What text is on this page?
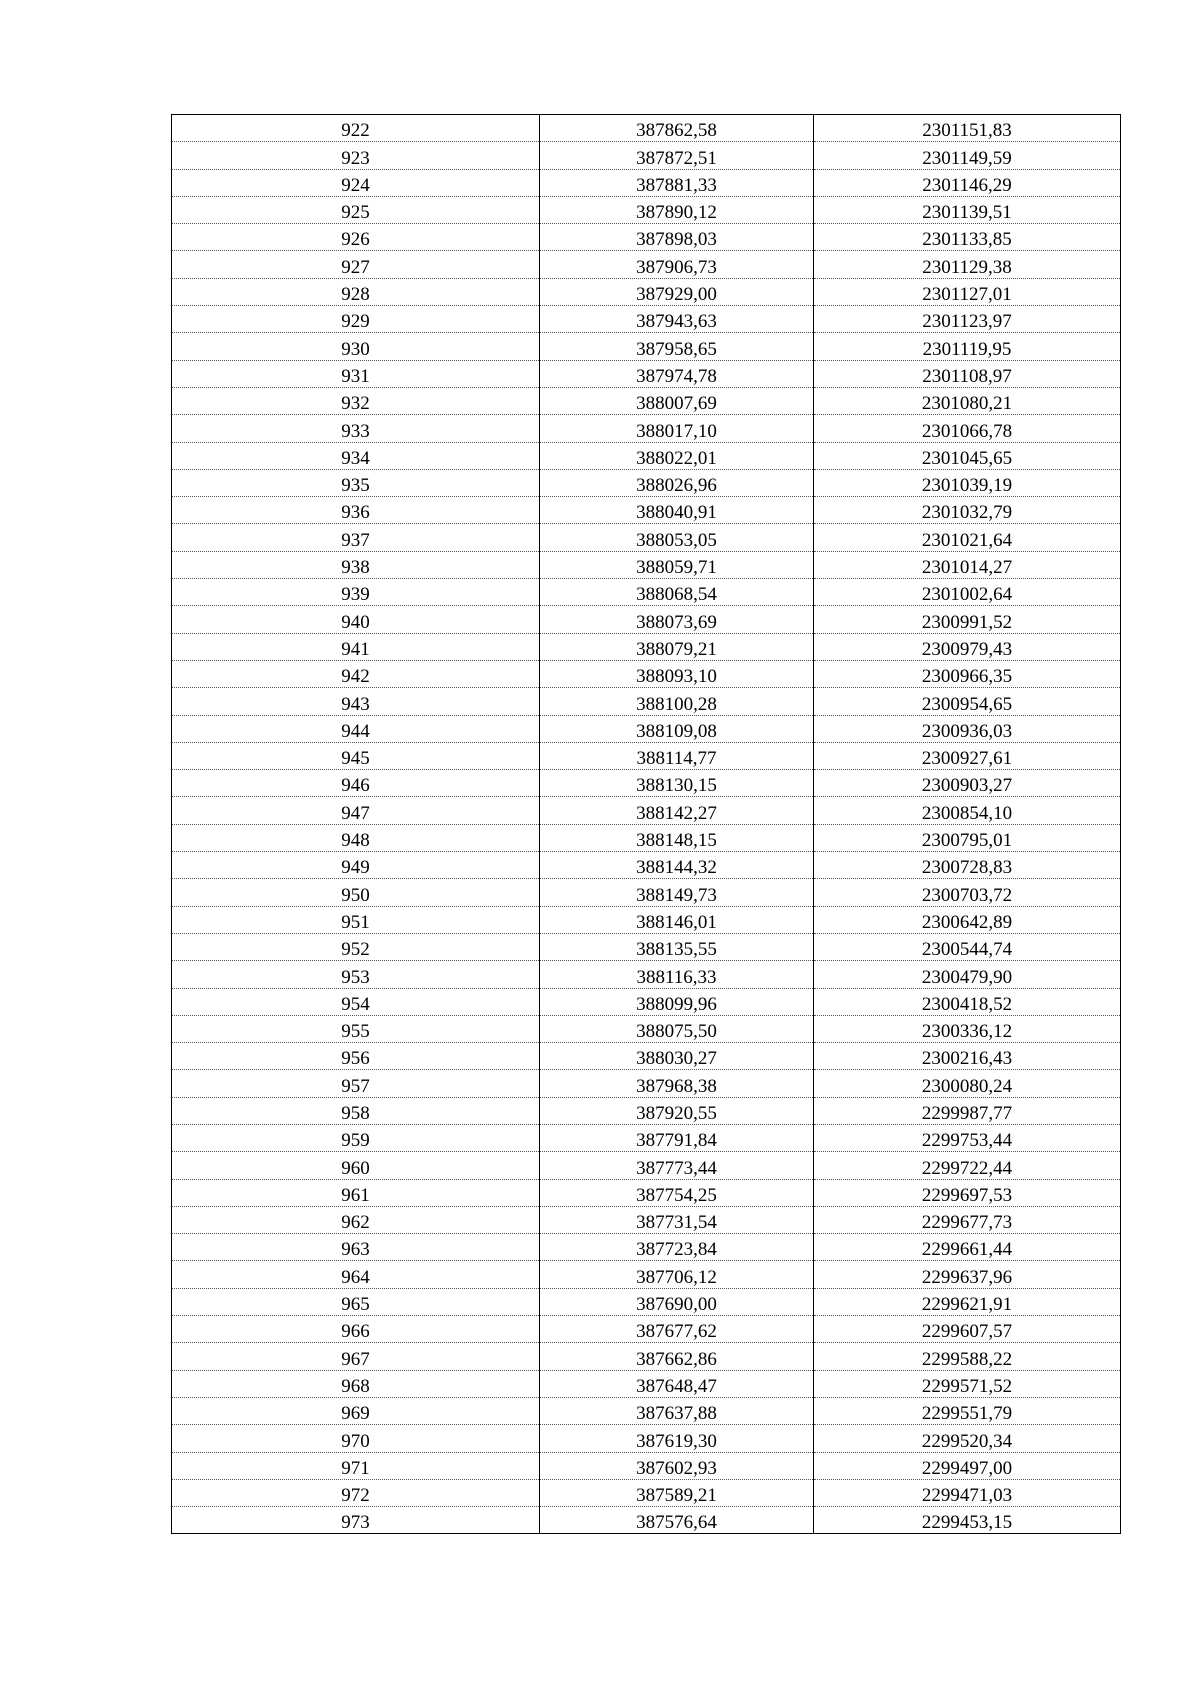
922	387862,58	2301151,83
923	387872,51	2301149,59
924	387881,33	2301146,29
925	387890,12	2301139,51
926	387898,03	2301133,85
927	387906,73	2301129,38
928	387929,00	2301127,01
929	387943,63	2301123,97
930	387958,65	2301119,95
931	387974,78	2301108,97
932	388007,69	2301080,21
933	388017,10	2301066,78
934	388022,01	2301045,65
935	388026,96	2301039,19
936	388040,91	2301032,79
937	388053,05	2301021,64
938	388059,71	2301014,27
939	388068,54	2301002,64
940	388073,69	2300991,52
941	388079,21	2300979,43
942	388093,10	2300966,35
943	388100,28	2300954,65
944	388109,08	2300936,03
945	388114,77	2300927,61
946	388130,15	2300903,27
947	388142,27	2300854,10
948	388148,15	2300795,01
949	388144,32	2300728,83
950	388149,73	2300703,72
951	388146,01	2300642,89
952	388135,55	2300544,74
953	388116,33	2300479,90
954	388099,96	2300418,52
955	388075,50	2300336,12
956	388030,27	2300216,43
957	387968,38	2300080,24
958	387920,55	2299987,77
959	387791,84	2299753,44
960	387773,44	2299722,44
961	387754,25	2299697,53
962	387731,54	2299677,73
963	387723,84	2299661,44
964	387706,12	2299637,96
965	387690,00	2299621,91
966	387677,62	2299607,57
967	387662,86	2299588,22
968	387648,47	2299571,52
969	387637,88	2299551,79
970	387619,30	2299520,34
971	387602,93	2299497,00
972	387589,21	2299471,03
973	387576,64	2299453,15
